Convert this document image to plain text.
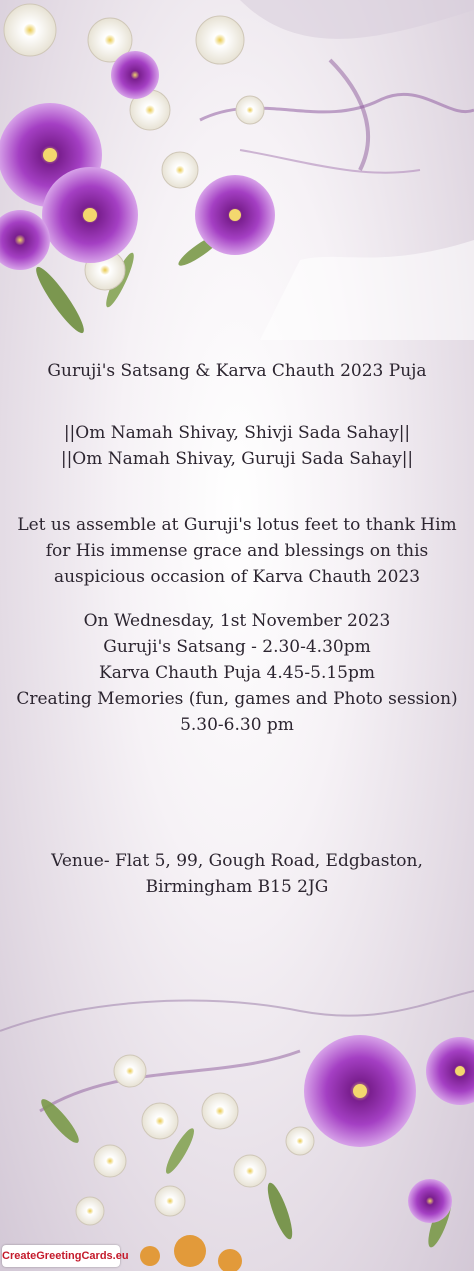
Guruji's Satsang & Karva Chauth 2023 Puja
||Om Namah Shivay, Shivji Sada Sahay||
||Om Namah Shivay, Guruji Sada Sahay||
Let us assemble at Guruji's lotus feet to thank Him
for His immense grace and blessings on this
auspicious occasion of Karva Chauth 2023
On Wednesday, 1st November 2023
Guruji's Satsang - 2.30-4.30pm
Karva Chauth Puja 4.45-5.15pm
Creating Memories (fun, games and Photo session)
5.30-6.30 pm
Venue- Flat 5, 99, Gough Road, Edgbaston,
Birmingham B15 2JG
CreateGreetingCards.eu
